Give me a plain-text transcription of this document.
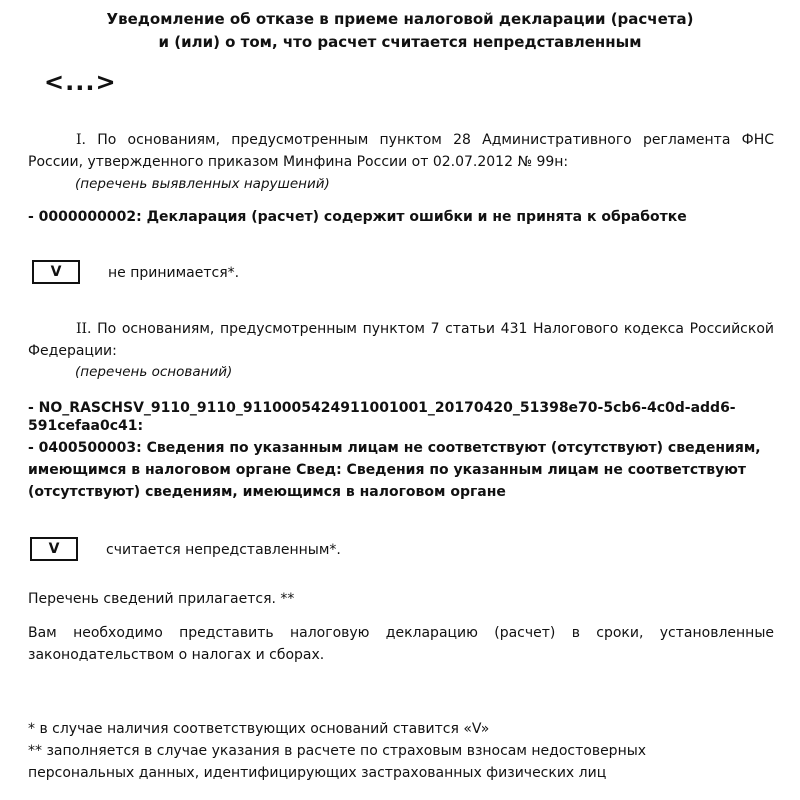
Уведомление об отказе в приеме налоговой декларации (расчета)
и (или) о том, что расчет считается непредставленным
<...>
I. По основаниям, предусмотренным пунктом 28 Административного регламента ФНС России, утвержденного приказом Минфина России от 02.07.2012 № 99н:
(перечень выявленных нарушений)
- 0000000002: Декларация (расчет) содержит ошибки и не принята к обработке
V	не принимается*.
II. По основаниям, предусмотренным пунктом 7 статьи 431 Налогового кодекса Российской Федерации:
(перечень оснований)
- NO_RASCHSV_9110_9110_9110005424911001001_20170420_51398e70-5cb6-4c0d-add6-
591cefaa0c41:
- 0400500003: Сведения по указанным лицам не соответствуют (отсутствуют) сведениям, имеющимся в налоговом органе Свед: Сведения по указанным лицам не соответствуют (отсутствуют) сведениям, имеющимся в налоговом органе
V	считается непредставленным*.
Перечень сведений прилагается. **
Вам необходимо представить налоговую декларацию (расчет) в сроки, установленные законодательством о налогах и сборах.
* в случае наличия соответствующих оснований ставится «V»
** заполняется в случае указания в расчете по страховым взносам недостоверных
персональных данных, идентифицирующих застрахованных физических лиц
